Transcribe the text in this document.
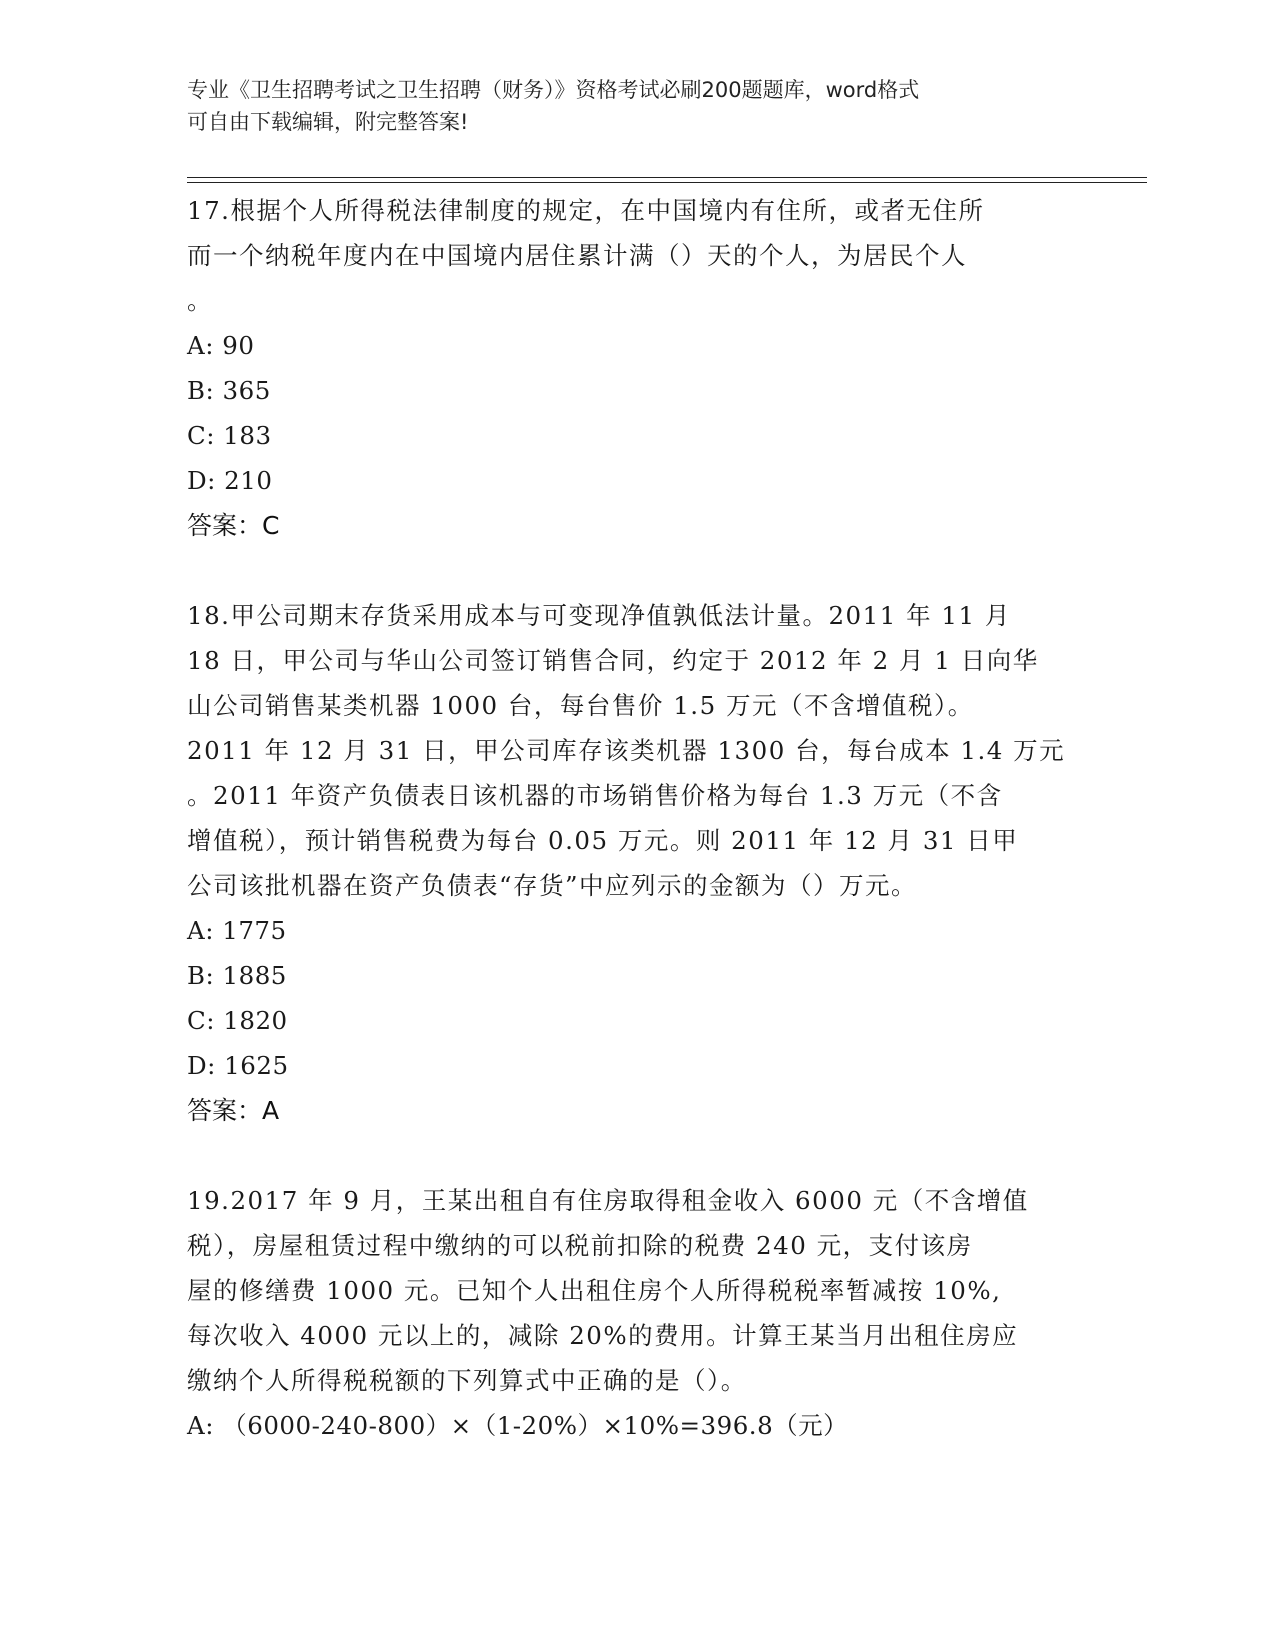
专业《卫生招聘考试之卫生招聘（财务）》资格考试必刷200题题库，word格式
可自由下载编辑，附完整答案!

17.根据个人所得税法律制度的规定，在中国境内有住所，或者无住所

而一个纳税年度内在中国境内居住累计满（）天的个人，为居民个人

。

A: 90

B: 365

C: 183

D: 210

答案：C

18.甲公司期末存货采用成本与可变现净值孰低法计量。2011 年 11 月

18 日，甲公司与华山公司签订销售合同，约定于 2012 年 2 月 1 日向华

山公司销售某类机器 1000 台，每台售价 1.5 万元（不含增值税）。

2011 年 12 月 31 日，甲公司库存该类机器 1300 台，每台成本 1.4 万元

。2011 年资产负债表日该机器的市场销售价格为每台 1.3 万元（不含

增值税），预计销售税费为每台 0.05 万元。则 2011 年 12 月 31 日甲

公司该批机器在资产负债表“存货”中应列示的金额为（）万元。

A: 1775

B: 1885

C: 1820

D: 1625

答案：A

19.2017 年 9 月，王某出租自有住房取得租金收入 6000 元（不含增值

税），房屋租赁过程中缴纳的可以税前扣除的税费 240 元，支付该房

屋的修缮费 1000 元。已知个人出租住房个人所得税税率暂减按 10%,

每次收入 4000 元以上的，减除 20%的费用。计算王某当月出租住房应

缴纳个人所得税税额的下列算式中正确的是（）。

A: （6000-240-800）×（1-20%）×10%=396.8（元）
